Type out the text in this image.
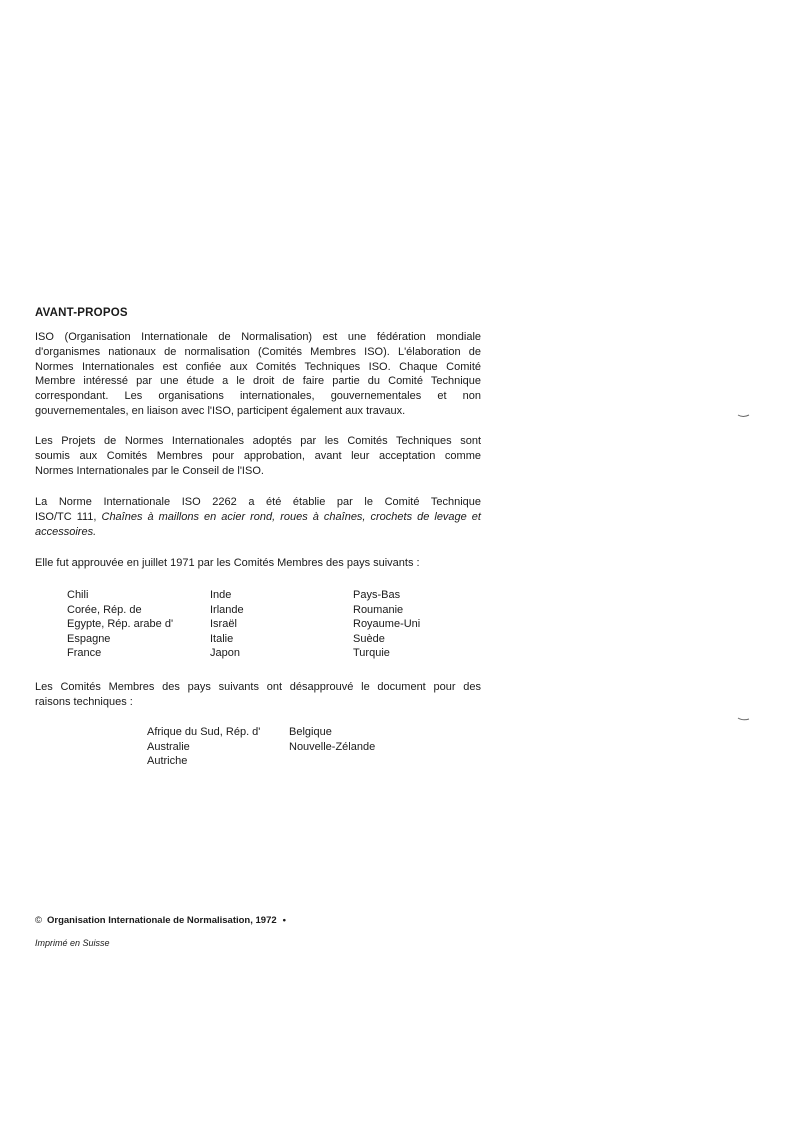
AVANT-PROPOS
ISO (Organisation Internationale de Normalisation) est une fédération mondiale
d'organismes nationaux de normalisation (Comités Membres ISO). L'élaboration de
Normes Internationales est confiée aux Comités Techniques ISO. Chaque Comité
Membre intéressé par une étude a le droit de faire partie du Comité Technique
correspondant. Les organisations internationales, gouvernementales et non
gouvernementales, en liaison avec l'ISO, participent également aux travaux.
Les Projets de Normes Internationales adoptés par les Comités Techniques sont
soumis aux Comités Membres pour approbation, avant leur acceptation comme
Normes Internationales par le Conseil de l'ISO.
La Norme Internationale ISO 2262 a été établie par le Comité Technique
ISO/TC 111, Chaînes à maillons en acier rond, roues à chaînes, crochets de levage et
accessoires.
Elle fut approuvée en juillet 1971 par les Comités Membres des pays suivants :
Chili
Corée, Rép. de
Egypte, Rép. arabe d'
Espagne
France
Inde
Irlande
Israël
Italie
Japon
Pays-Bas
Roumanie
Royaume-Uni
Suède
Turquie
Les Comités Membres des pays suivants ont désapprouvé le document pour des
raisons techniques :
Afrique du Sud, Rép. d'
Australie
Autriche
Belgique
Nouvelle-Zélande
© Organisation Internationale de Normalisation, 1972 •
Imprimé en Suisse
